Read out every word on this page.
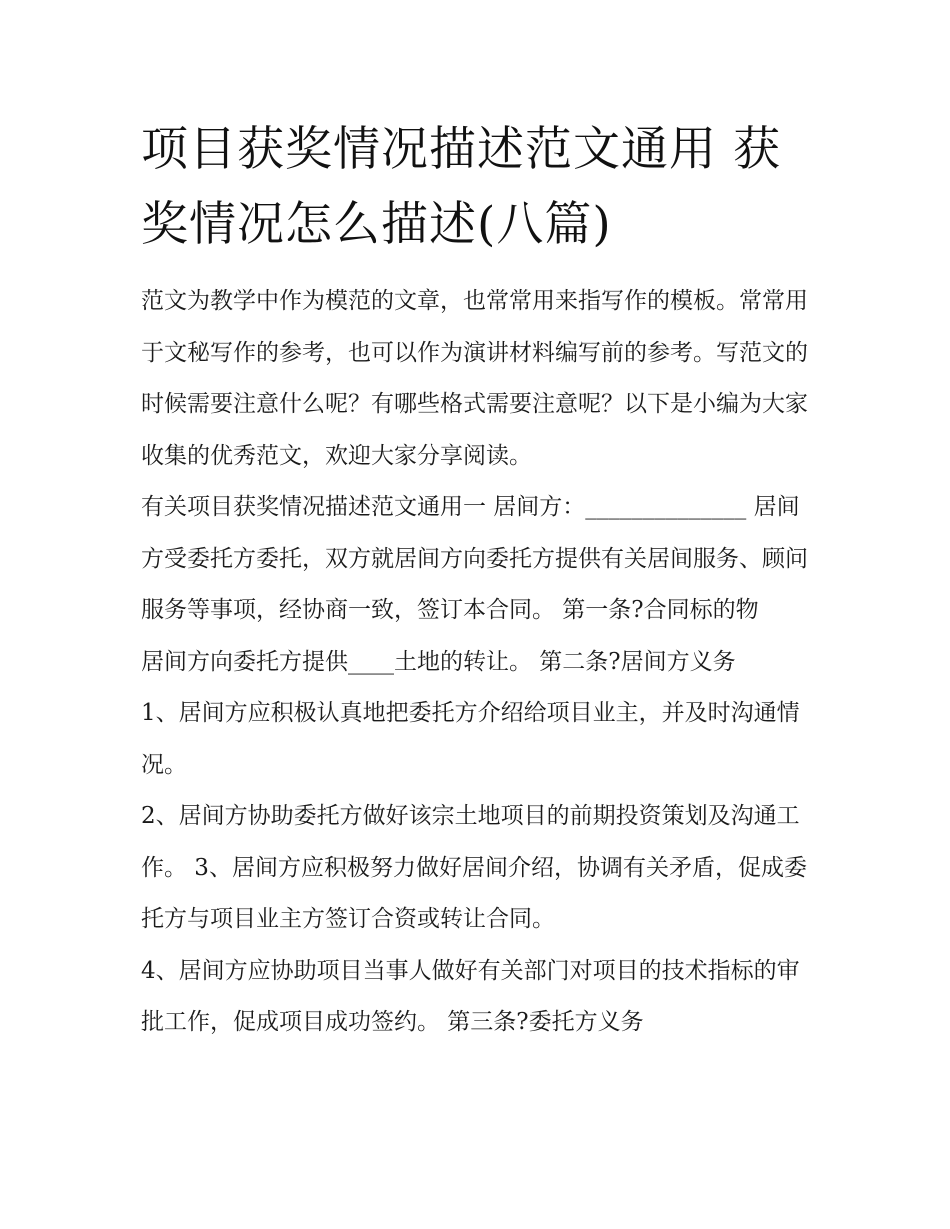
项目获奖情况描述范文通用 获奖情况怎么描述(八篇)

范文为教学中作为模范的文章，也常常用来指写作的模板。常常用于文秘写作的参考，也可以作为演讲材料编写前的参考。写范文的时候需要注意什么呢？有哪些格式需要注意呢？以下是小编为大家收集的优秀范文，欢迎大家分享阅读。

有关项目获奖情况描述范文通用一 居间方：______________ 居间方受委托方委托，双方就居间方向委托方提供有关居间服务、顾问服务等事项，经协商一致，签订本合同。 第一条?合同标的物

居间方向委托方提供____土地的转让。 第二条?居间方义务

1、居间方应积极认真地把委托方介绍给项目业主，并及时沟通情况。

2、居间方协助委托方做好该宗土地项目的前期投资策划及沟通工作。 3、居间方应积极努力做好居间介绍，协调有关矛盾，促成委托方与项目业主方签订合资或转让合同。

4、居间方应协助项目当事人做好有关部门对项目的技术指标的审批工作，促成项目成功签约。 第三条?委托方义务
